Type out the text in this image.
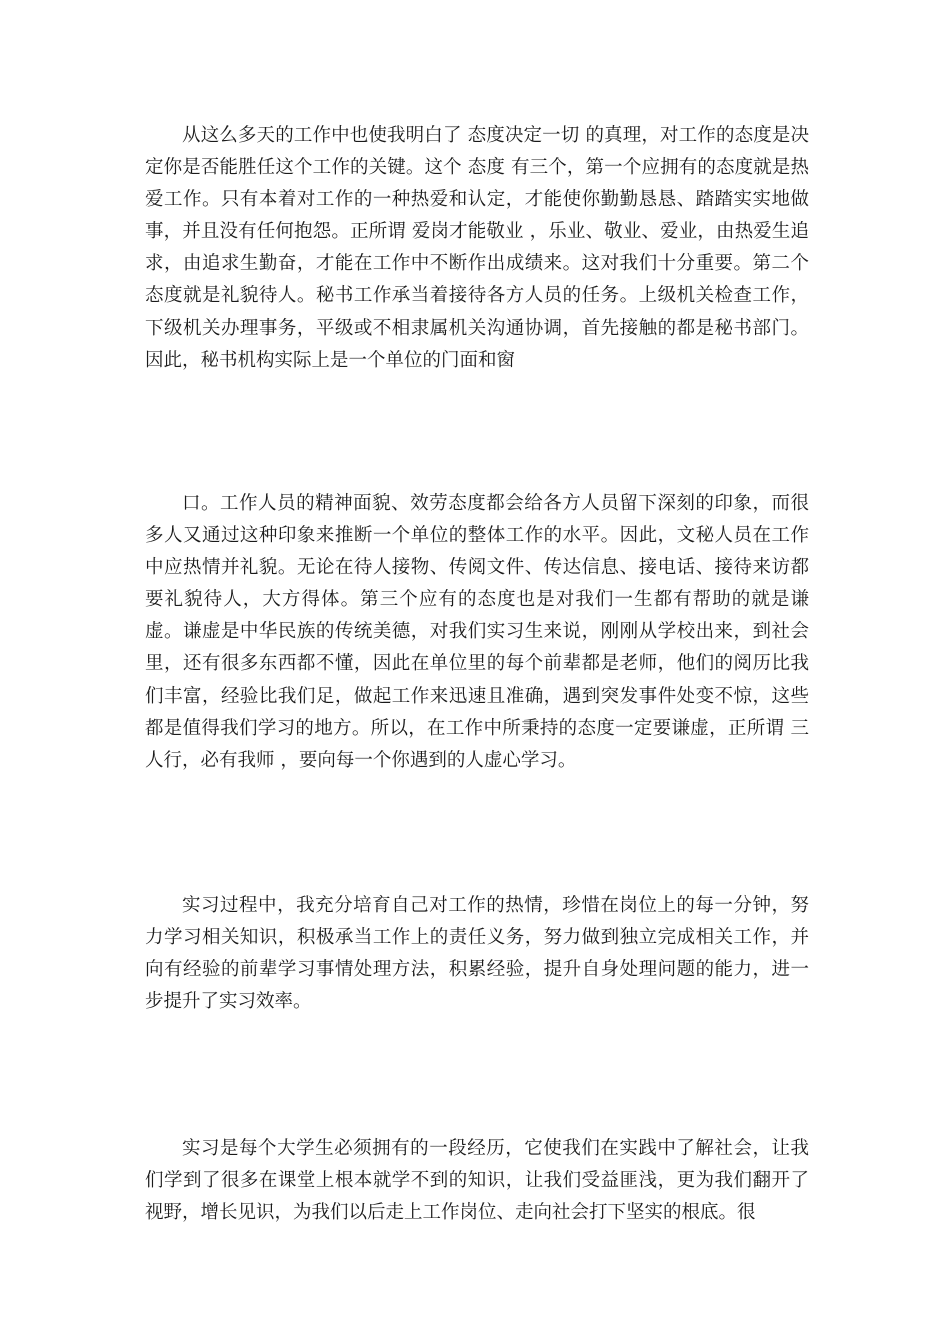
从这么多天的工作中也使我明白了 态度决定一切 的真理，对工作的态度是决定你是否能胜任这个工作的关键。这个 态度 有三个，第一个应拥有的态度就是热爱工作。只有本着对工作的一种热爱和认定，才能使你勤勤恳恳、踏踏实实地做事，并且没有任何抱怨。正所谓 爱岗才能敬业 ，乐业、敬业、爱业，由热爱生追求，由追求生勤奋，才能在工作中不断作出成绩来。这对我们十分重要。第二个态度就是礼貌待人。秘书工作承当着接待各方人员的任务。上级机关检查工作，下级机关办理事务，平级或不相隶属机关沟通协调，首先接触的都是秘书部门。因此，秘书机构实际上是一个单位的门面和窗

口。工作人员的精神面貌、效劳态度都会给各方人员留下深刻的印象，而很多人又通过这种印象来推断一个单位的整体工作的水平。因此，文秘人员在工作中应热情并礼貌。无论在待人接物、传阅文件、传达信息、接电话、接待来访都要礼貌待人，大方得体。第三个应有的态度也是对我们一生都有帮助的就是谦虚。谦虚是中华民族的传统美德，对我们实习生来说，刚刚从学校出来，到社会里，还有很多东西都不懂，因此在单位里的每个前辈都是老师，他们的阅历比我们丰富，经验比我们足，做起工作来迅速且准确，遇到突发事件处变不惊，这些都是值得我们学习的地方。所以，在工作中所秉持的态度一定要谦虚，正所谓 三人行，必有我师 ，要向每一个你遇到的人虚心学习。

实习过程中，我充分培育自己对工作的热情，珍惜在岗位上的每一分钟，努力学习相关知识，积极承当工作上的责任义务，努力做到独立完成相关工作，并向有经验的前辈学习事情处理方法，积累经验，提升自身处理问题的能力，进一步提升了实习效率。

实习是每个大学生必须拥有的一段经历，它使我们在实践中了解社会，让我们学到了很多在课堂上根本就学不到的知识，让我们受益匪浅，更为我们翻开了视野，增长见识，为我们以后走上工作岗位、走向社会打下坚实的根底。很
